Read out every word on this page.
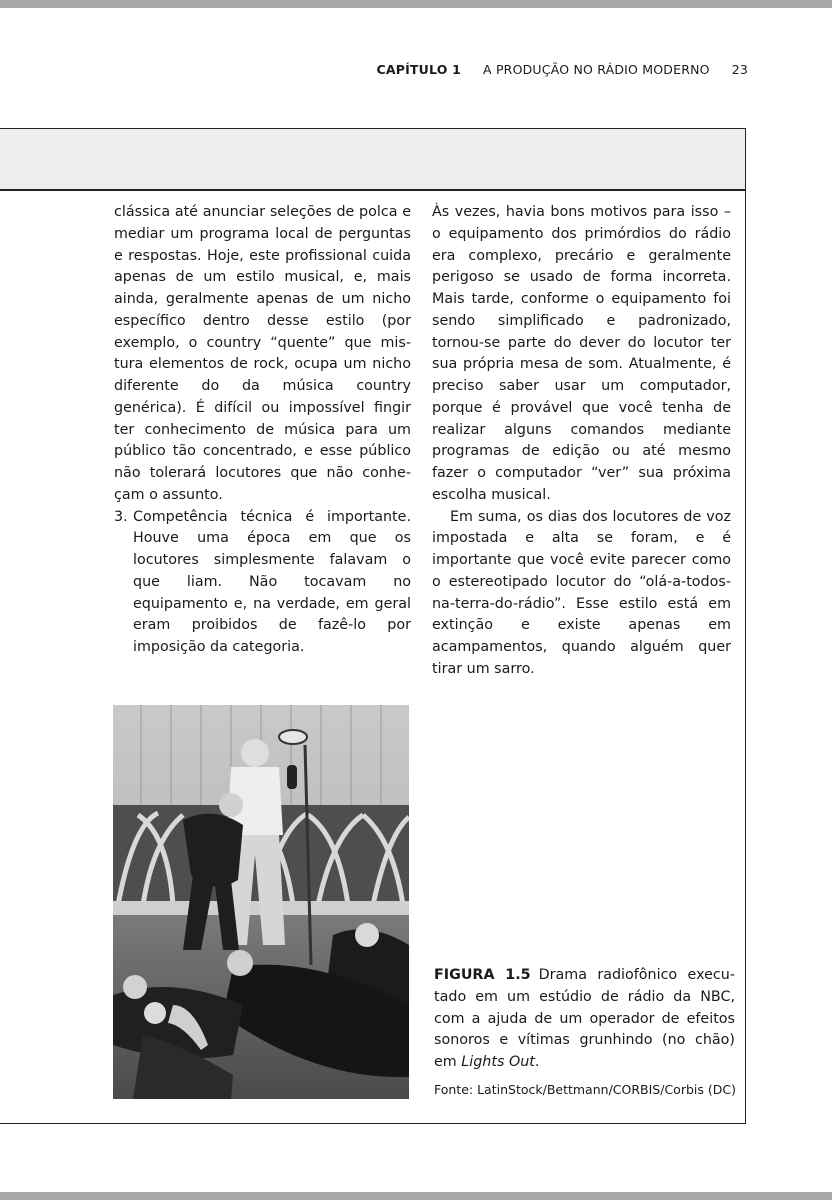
CAPÍTULO 1 A PRODUÇÃO NO RÁDIO MODERNO 23

clássica até anunciar seleções de polca e mediar um programa local de perguntas e respostas. Hoje, este profissional cuida apenas de um estilo musical, e, mais ainda, geralmente apenas de um nicho específico dentro desse estilo (por exemplo, o country “quente” que mistura elementos de rock, ocupa um nicho diferente do da música country genérica). É difícil ou impossível fingir ter conhecimento de música para um público tão concentrado, e esse público não tolerará locutores que não conheçam o assunto.

3. Competência técnica é importante. Houve uma época em que os locutores simplesmente falavam o que liam. Não tocavam no equipamento e, na verdade, em geral eram proibidos de fazê-lo por imposição da categoria.

Às vezes, havia bons motivos para isso – o equipamento dos primórdios do rádio era complexo, precário e geralmente perigoso se usado de forma incorreta. Mais tarde, conforme o equipamento foi sendo simplificado e padronizado, tornou-se parte do dever do locutor ter sua própria mesa de som. Atualmente, é preciso saber usar um computador, porque é provável que você tenha de realizar alguns comandos mediante programas de edição ou até mesmo fazer o computador “ver” sua próxima escolha musical.

Em suma, os dias dos locutores de voz impostada e alta se foram, e é importante que você evite parecer como o estereotipado locutor do “olá-a-todos-na-terra-do-rádio”. Esse estilo está em extinção e existe apenas em acampamentos, quando alguém quer tirar um sarro.

FIGURA 1.5 Drama radiofônico executado em um estúdio de rádio da NBC, com a ajuda de um operador de efeitos sonoros e vítimas grunhindo (no chão) em Lights Out.
Fonte: LatinStock/Bettmann/CORBIS/Corbis (DC)
